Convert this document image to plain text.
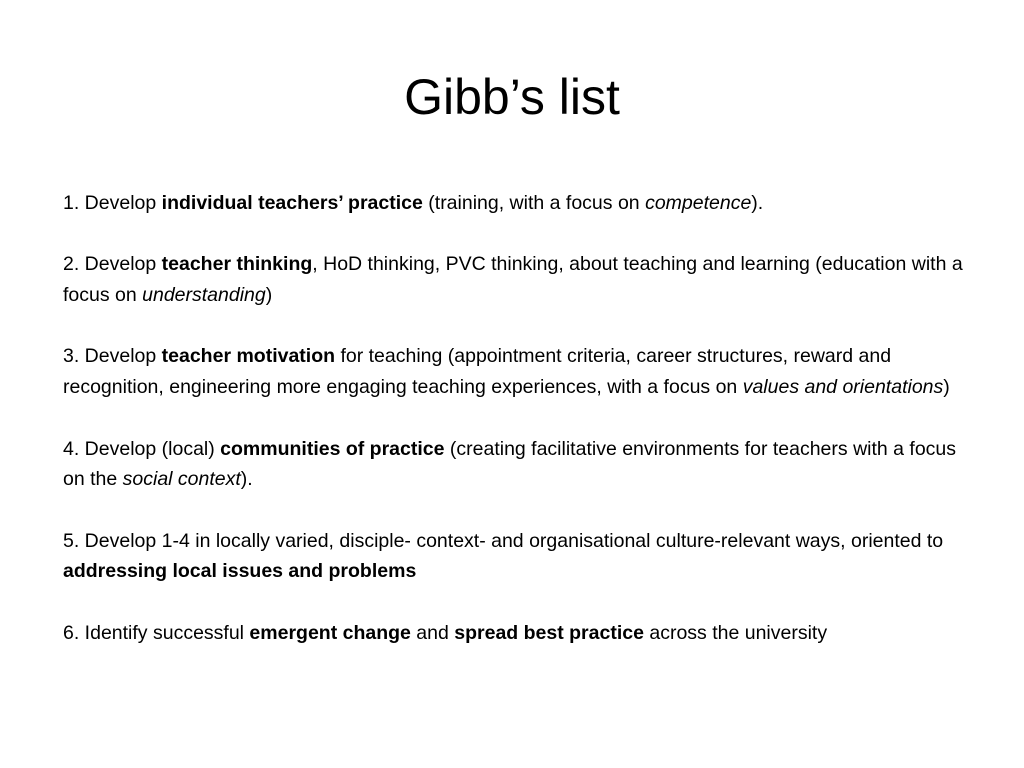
Gibb’s list

1. Develop individual teachers’ practice (training, with a focus on competence).

2. Develop teacher thinking, HoD thinking, PVC thinking, about teaching and learning (education with a focus on understanding)

3. Develop teacher motivation for teaching (appointment criteria, career structures, reward and recognition, engineering more engaging teaching experiences, with a focus on values and orientations)

4. Develop (local) communities of practice (creating facilitative environments for teachers with a focus on the social context).

5. Develop 1-4 in locally varied, disciple- context- and organisational culture-relevant ways, oriented to addressing local issues and problems

6. Identify successful emergent change and spread best practice across the university
